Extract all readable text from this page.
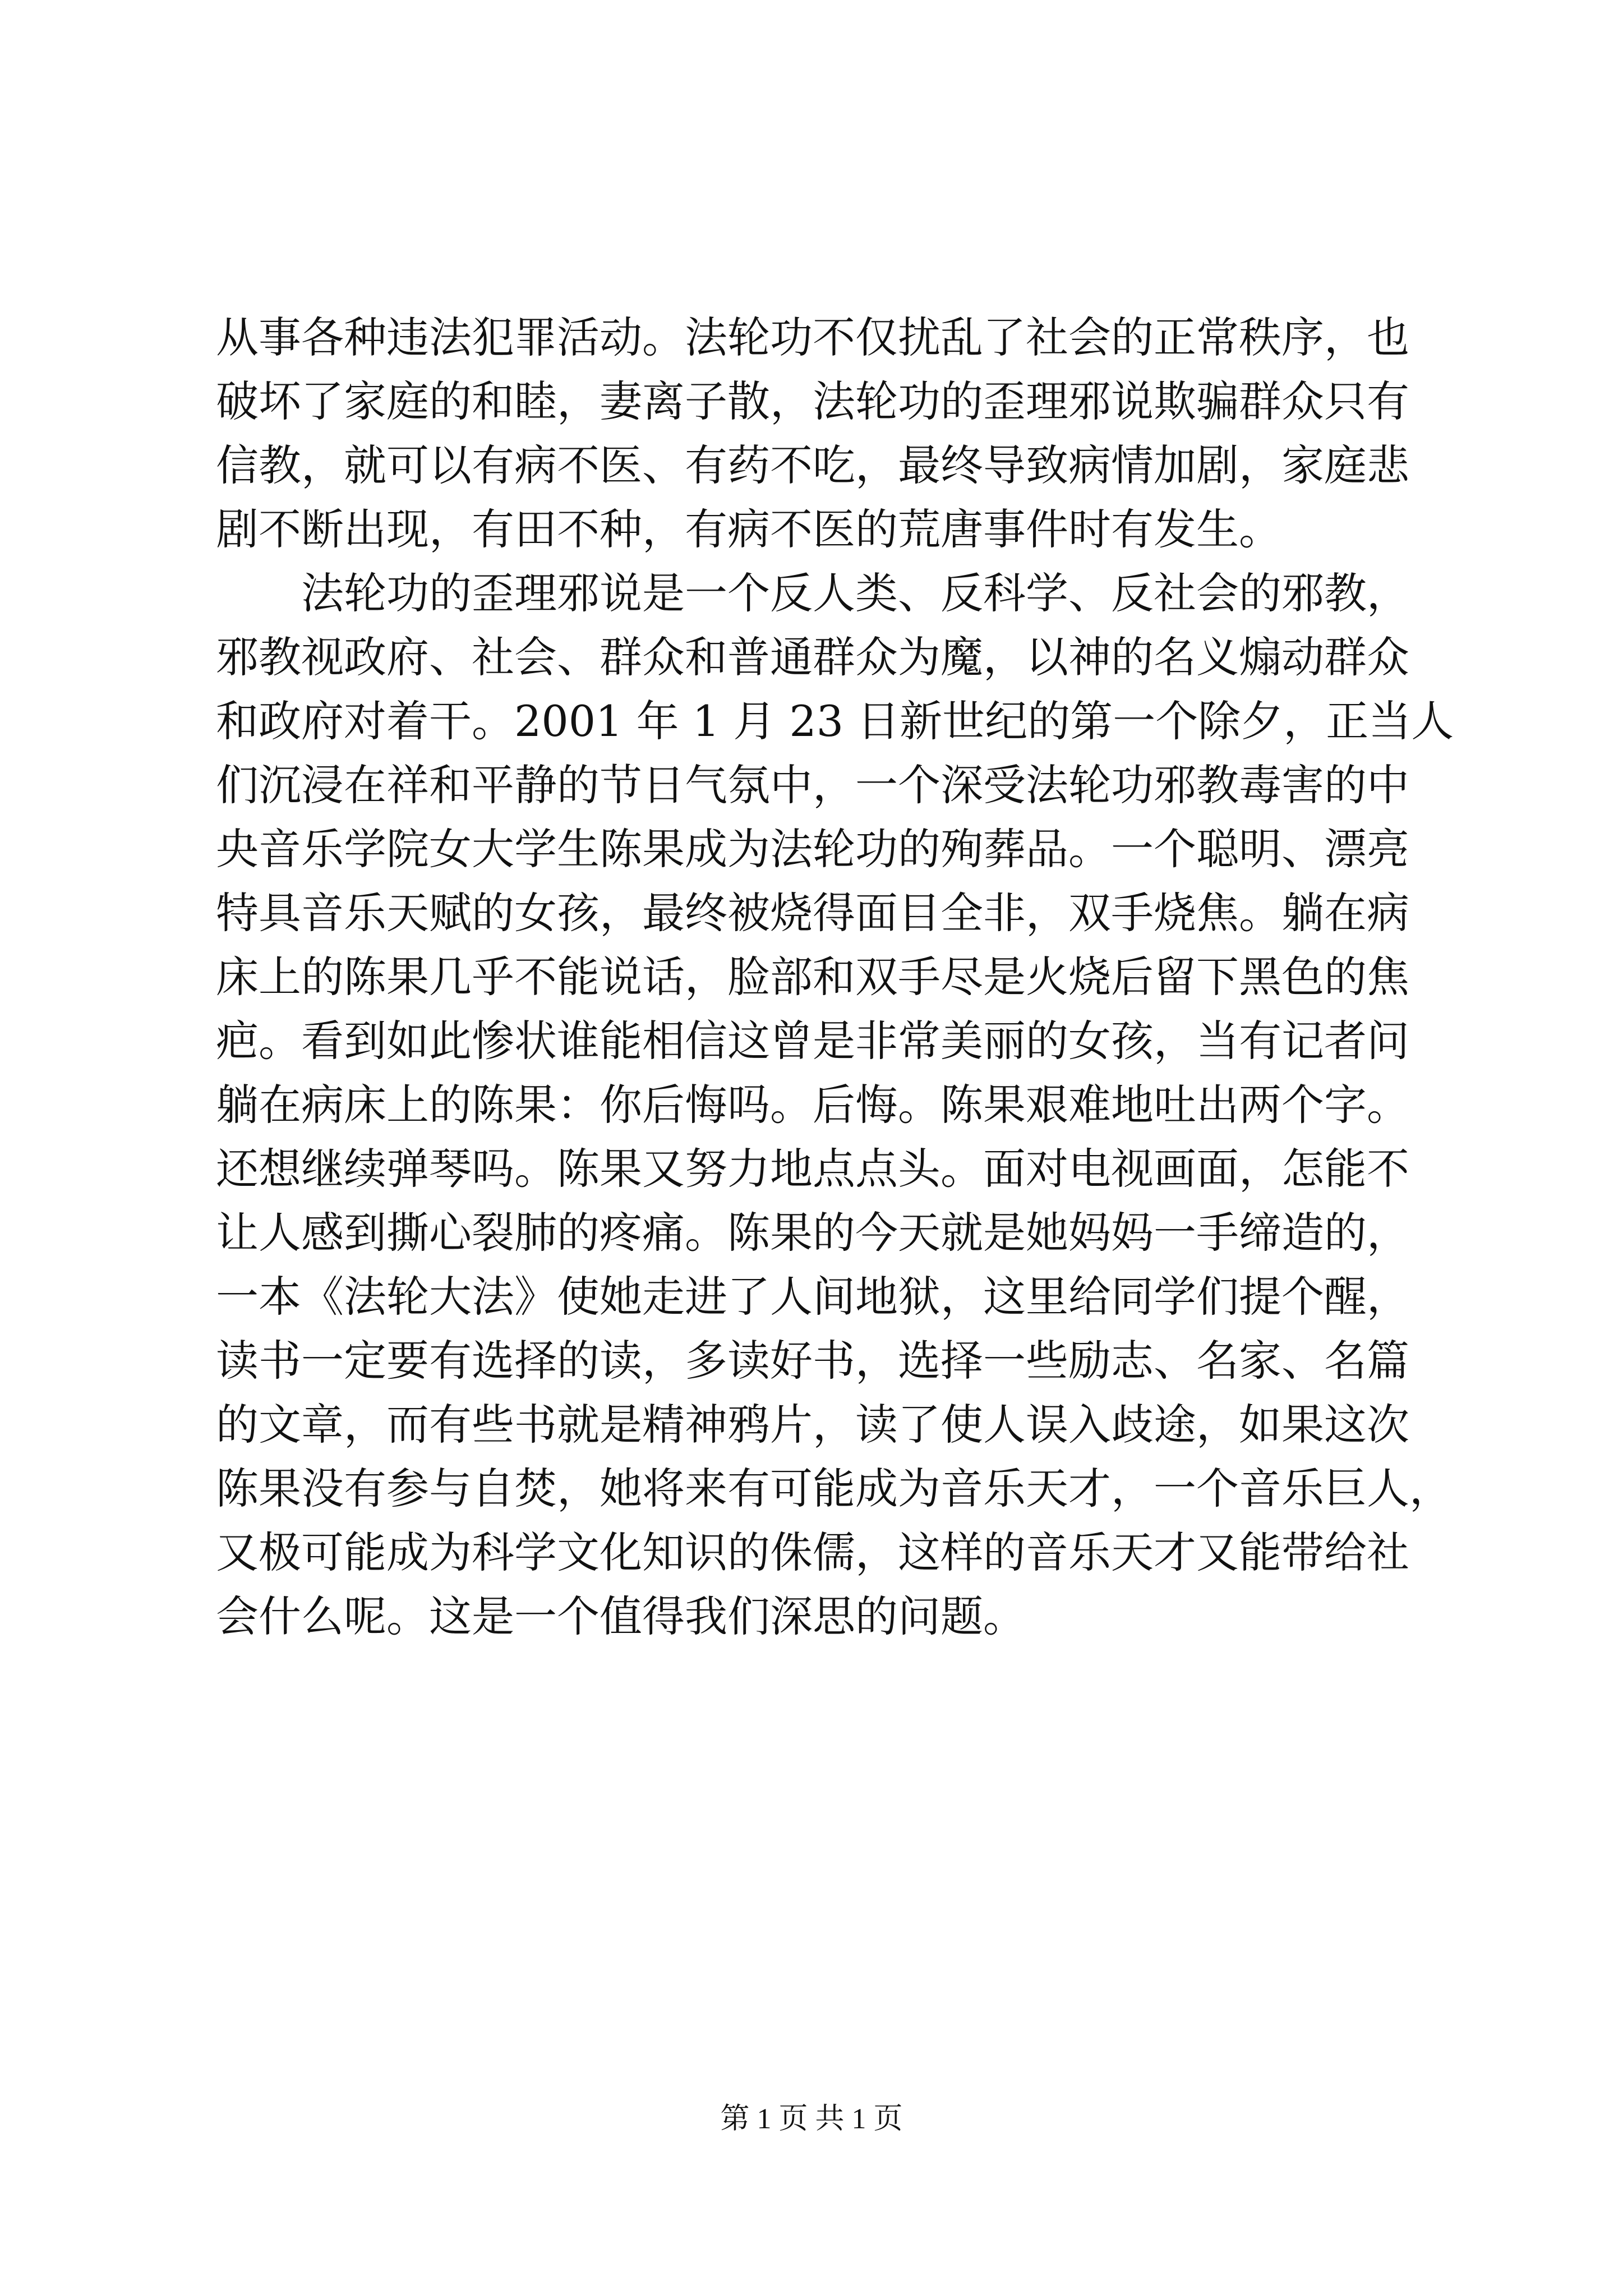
从事各种违法犯罪活动。法轮功不仅扰乱了社会的正常秩序，也
破坏了家庭的和睦，妻离子散，法轮功的歪理邪说欺骗群众只有
信教，就可以有病不医、有药不吃，最终导致病情加剧，家庭悲
剧不断出现，有田不种，有病不医的荒唐事件时有发生。
法轮功的歪理邪说是一个反人类、反科学、反社会的邪教，
邪教视政府、社会、群众和普通群众为魔，以神的名义煽动群众
和政府对着干。2001 年 1 月 23 日新世纪的第一个除夕，正当人
们沉浸在祥和平静的节日气氛中，一个深受法轮功邪教毒害的中
央音乐学院女大学生陈果成为法轮功的殉葬品。一个聪明、漂亮
特具音乐天赋的女孩，最终被烧得面目全非，双手烧焦。躺在病
床上的陈果几乎不能说话，脸部和双手尽是火烧后留下黑色的焦
疤。看到如此惨状谁能相信这曾是非常美丽的女孩，当有记者问
躺在病床上的陈果：你后悔吗。后悔。陈果艰难地吐出两个字。
还想继续弹琴吗。陈果又努力地点点头。面对电视画面，怎能不
让人感到撕心裂肺的疼痛。陈果的今天就是她妈妈一手缔造的，
一本《法轮大法》使她走进了人间地狱，这里给同学们提个醒，
读书一定要有选择的读，多读好书，选择一些励志、名家、名篇
的文章，而有些书就是精神鸦片，读了使人误入歧途，如果这次
陈果没有参与自焚，她将来有可能成为音乐天才，一个音乐巨人，
又极可能成为科学文化知识的侏儒，这样的音乐天才又能带给社
会什么呢。这是一个值得我们深思的问题。
第 1 页 共 1 页
